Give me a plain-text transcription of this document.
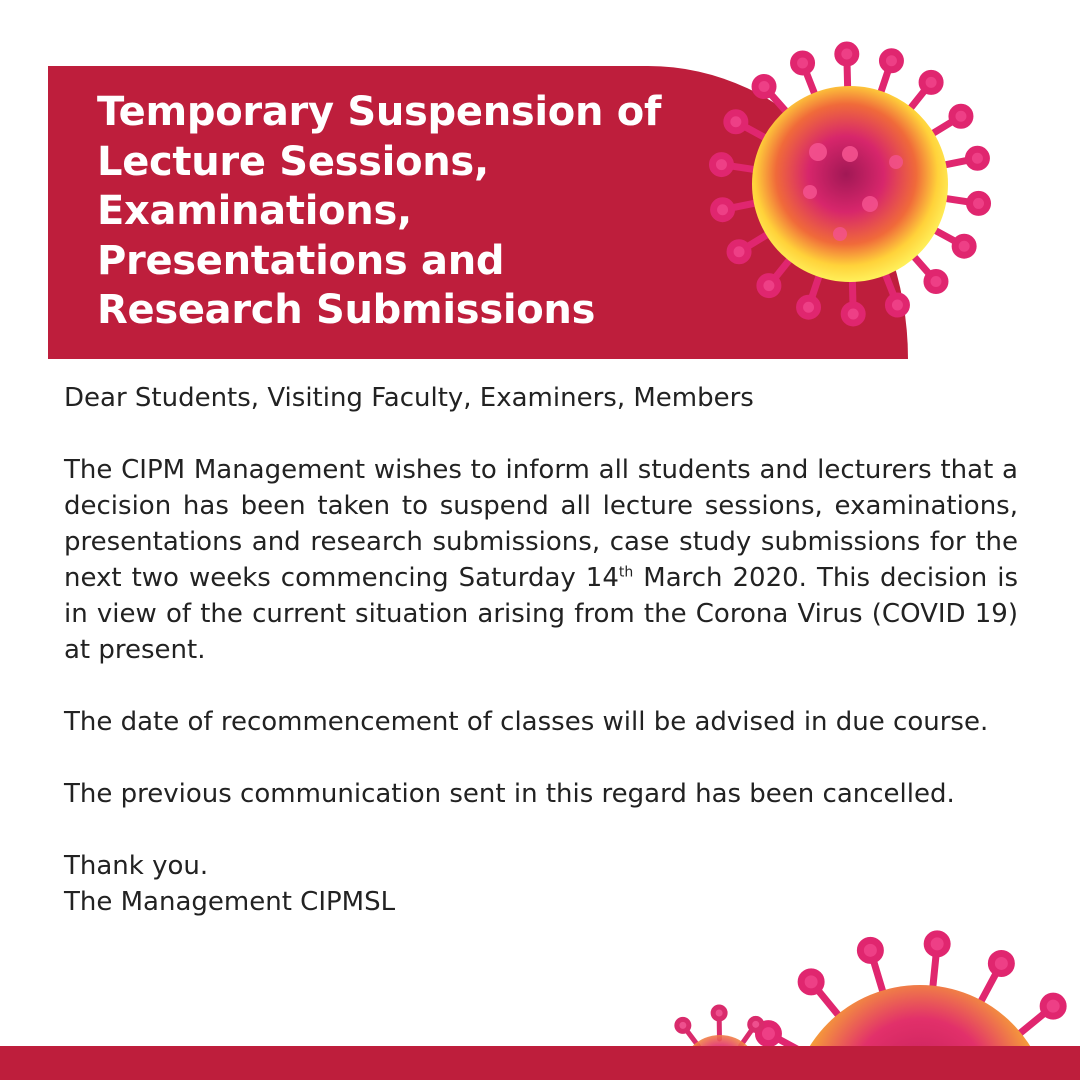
Temporary Suspension of
Lecture Sessions,
Examinations,
Presentations and
Research Submissions

Dear Students, Visiting Faculty, Examiners, Members

The CIPM Management wishes to inform all students and lecturers that a decision has been taken to suspend all lecture sessions, examinations, presentations and research submissions, case study submissions for the next two weeks commencing Saturday 14th March 2020. This decision is in view of the current situation arising from the Corona Virus (COVID 19) at present.

The date of recommencement of classes will be advised in due course.

The previous communication sent in this regard has been cancelled.

Thank you.

The Management CIPMSL
